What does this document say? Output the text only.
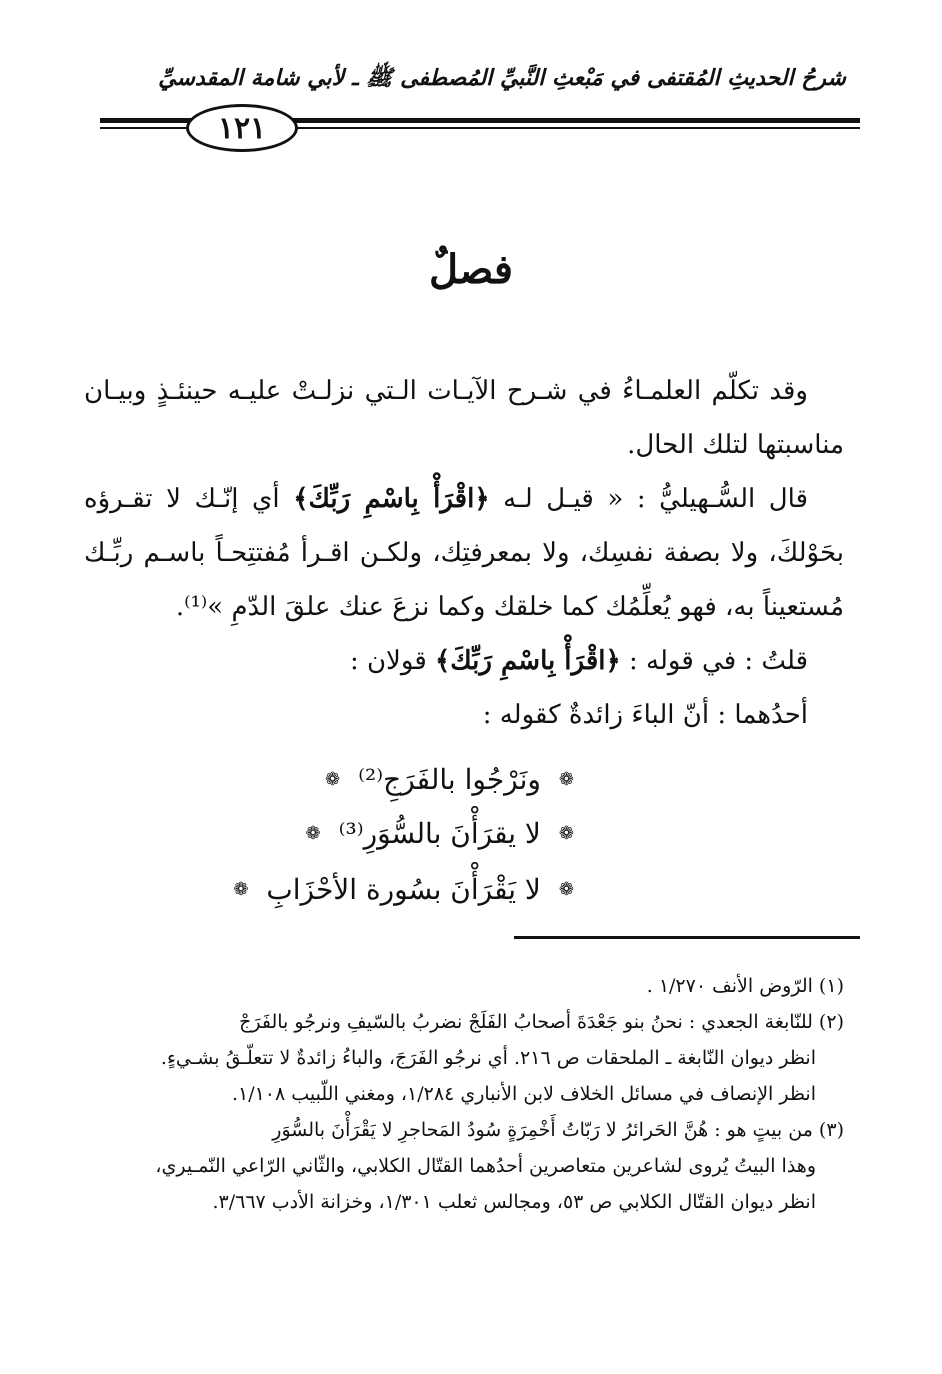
شرحُ الحديثِ المُقتفى في مَبْعثِ النَّبيِّ المُصطفى ﷺ ـ لأبي شامة المقدسيِّ
١٢١
فصلٌ

وقد تكلّم العلمـاءُ في شـرح الآيـات الـتي نزلـتْ عليـه حينئـذٍ وبيـان مناسبتها لتلك الحال.

قال السُّـهيليُّ : « قيـل لـه ﴿اقْرَأْ بِاسْمِ رَبِّكَ﴾ أي إنّـك لا تقـرؤه بحَوْلكَ، ولا بصفة نفسِك، ولا بمعرفتِك، ولكـن اقـرأ مُفتتِحـاً باسـم ربِّـك مُستعيناً به، فهو يُعلِّمُك كما خلقك وكما نزعَ عنك علقَ الدّمِ »⁽¹⁾.

قلتُ : في قوله : ﴿اقْرَأْ بِاسْمِ رَبِّكَ﴾ قولان :

أحدُهما : أنّ الباءَ زائدةٌ كقوله :

❁
ونَرْجُوا بالفَرَجِ⁽²⁾
❁
❁
لا يقرَأْنَ بالسُّوَرِ⁽³⁾
❁
❁
لا يَقْرَأْنَ بسُورة الأحْزَابِ
❁

(١) الرّوض الأنف ١/٢٧٠ .

(٢) للنّابغة الجعدي : نحنُ بنو جَعْدَةَ أصحابُ الفَلَجْ نضربُ بالسّيفِ ونرجُو بالفَرَجْ

انظر ديوان النّابغة ـ الملحقات ص ٢١٦. أي نرجُو الفَرَجَ، والباءُ زائدةٌ لا تتعلّـقُ بشـيءٍ.

انظر الإنصاف في مسائل الخلاف لابن الأنباري ١/٢٨٤، ومغني اللّبيب ١/١٠٨.

(٣) من بيتٍ هو : هُنَّ الحَرائرُ لا رَبّاتُ أَخْمِرَةٍ سُودُ المَحاجرِ لا يَقْرَأْنَ بالسُّوَرِ

وهذا البيتُ يُروى لشاعرين متعاصرين أحدُهما القتّال الكلابي، والثّاني الرّاعي النّمـيري،

انظر ديوان القتّال الكلابي ص ٥٣، ومجالس ثعلب ١/٣٠١، وخزانة الأدب ٣/٦٦٧.
